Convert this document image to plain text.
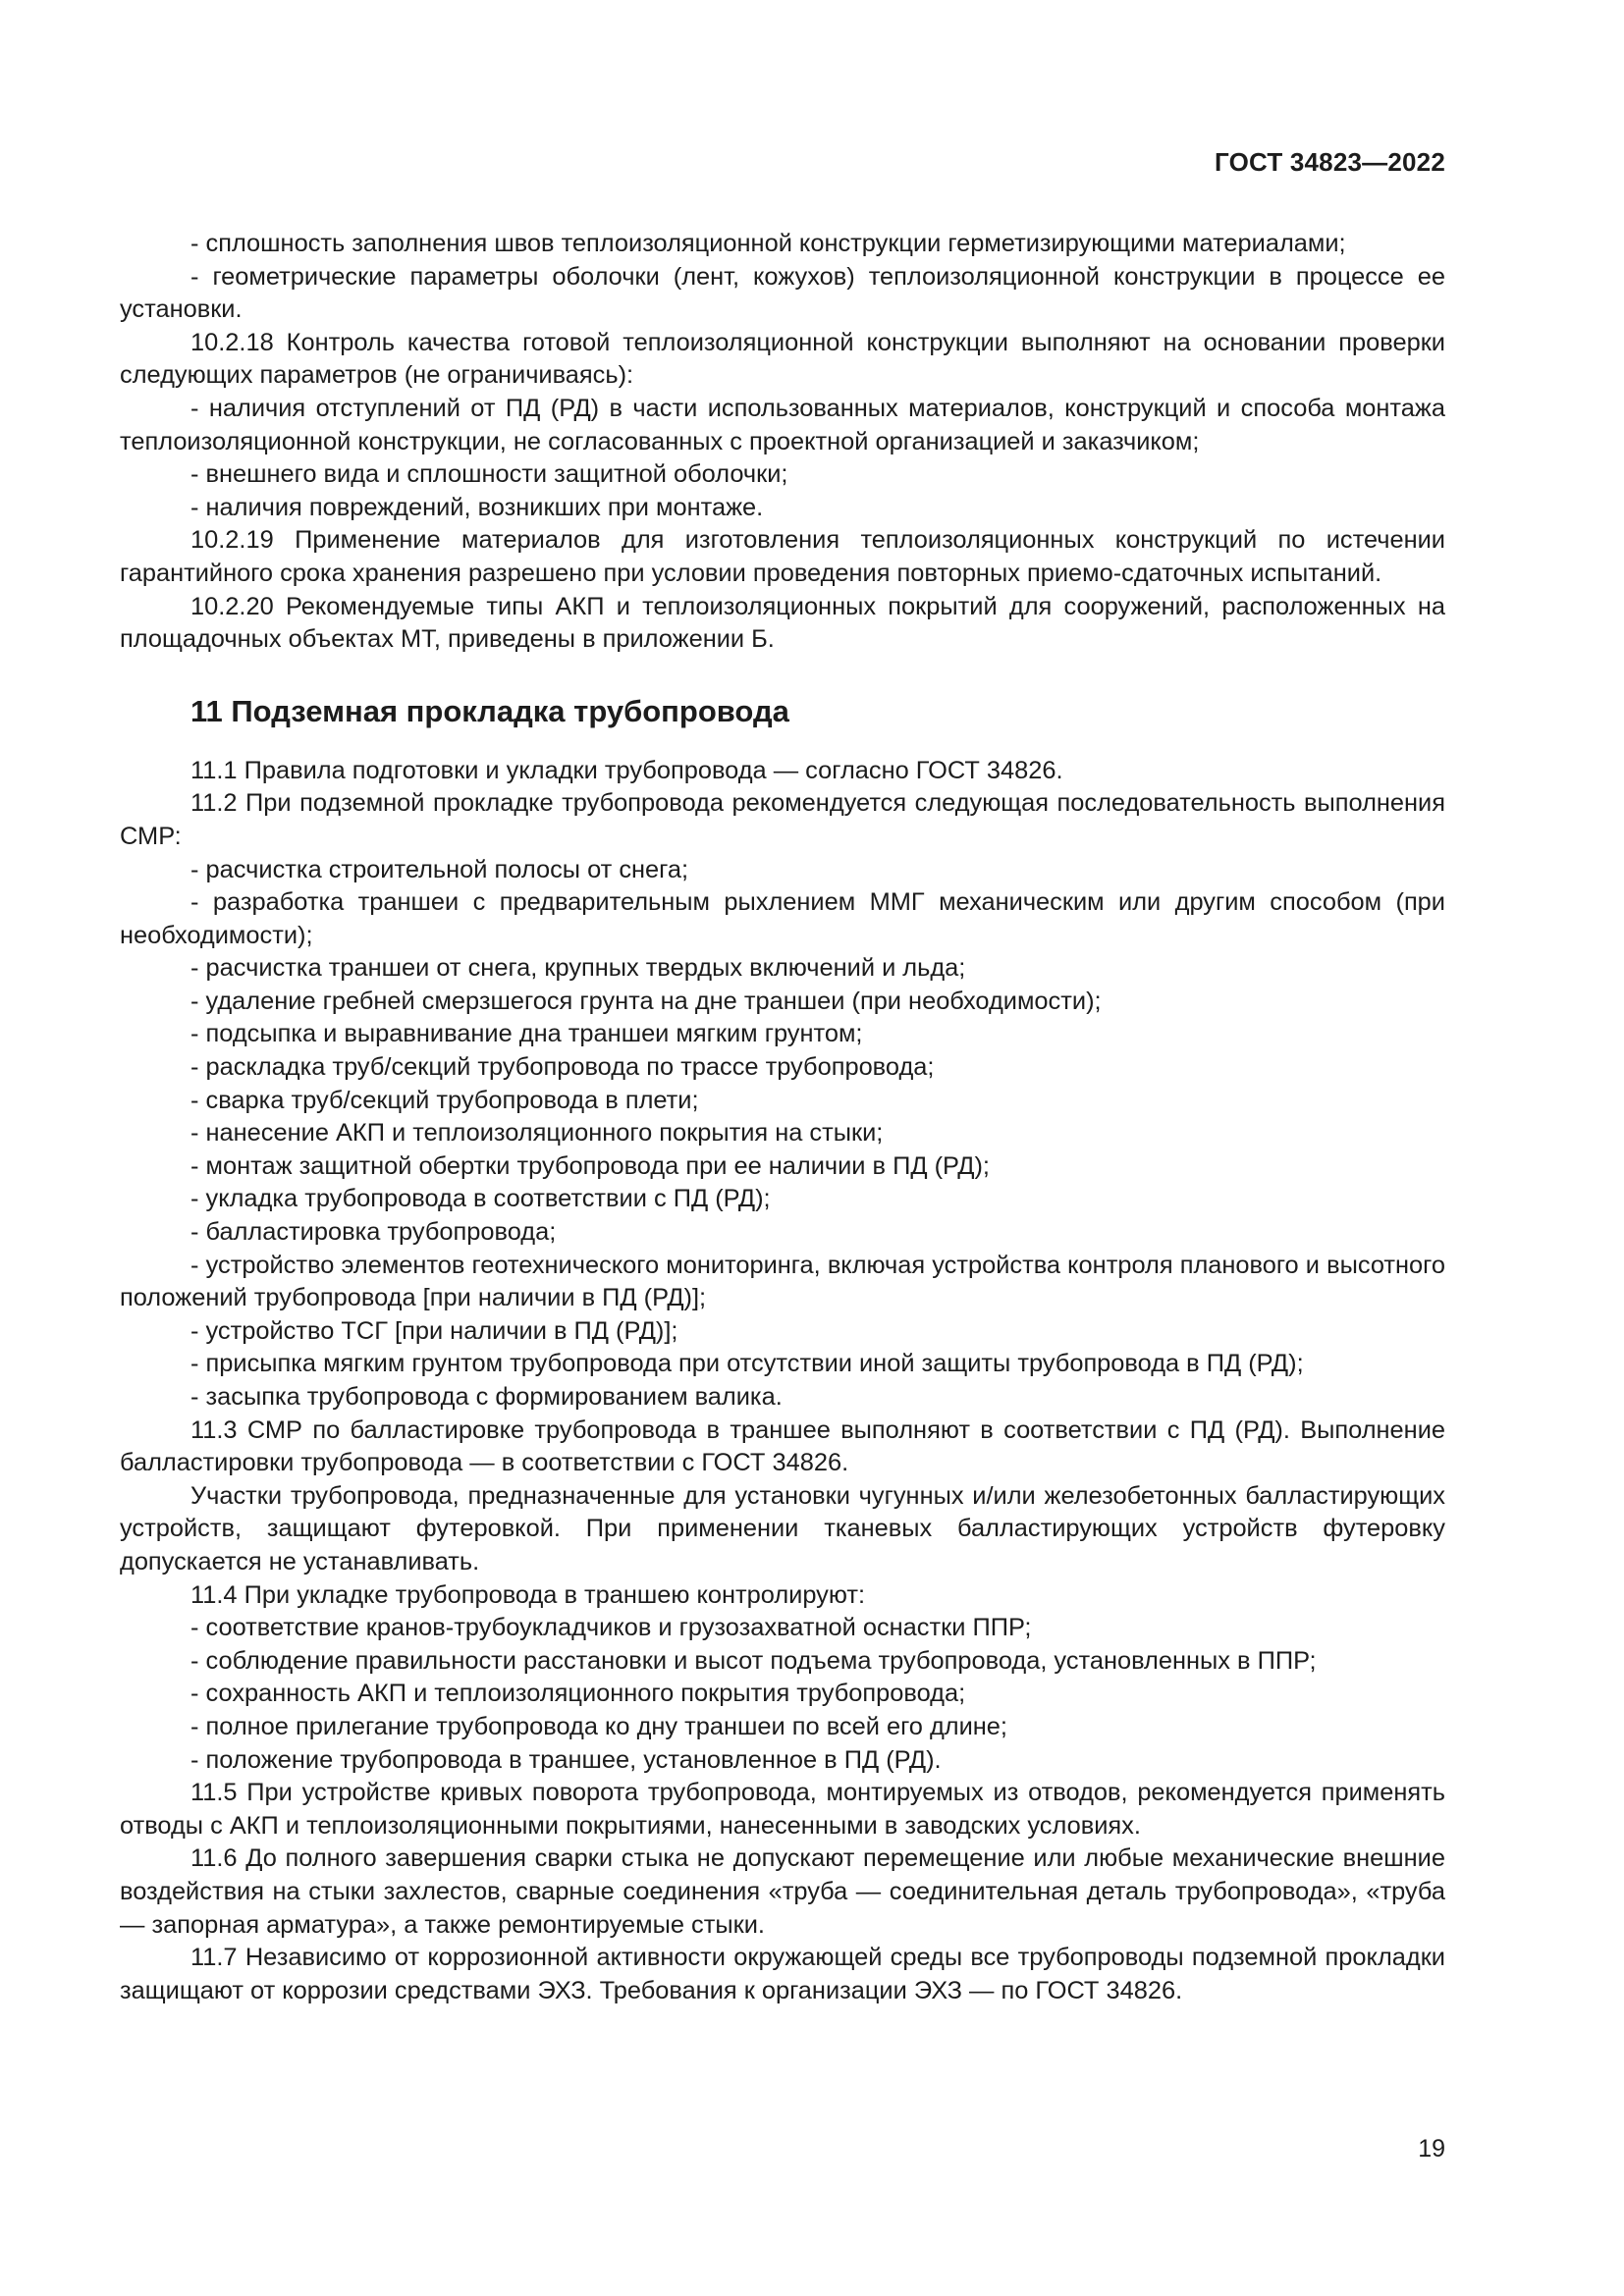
ГОСТ 34823—2022

- сплошность заполнения швов теплоизоляционной конструкции герметизирующими материалами;

- геометрические параметры оболочки (лент, кожухов) теплоизоляционной конструкции в процессе ее установки.

10.2.18 Контроль качества готовой теплоизоляционной конструкции выполняют на основании проверки следующих параметров (не ограничиваясь):

- наличия отступлений от ПД (РД) в части использованных материалов, конструкций и способа монтажа теплоизоляционной конструкции, не согласованных с проектной организацией и заказчиком;

- внешнего вида и сплошности защитной оболочки;

- наличия повреждений, возникших при монтаже.

10.2.19 Применение материалов для изготовления теплоизоляционных конструкций по истечении гарантийного срока хранения разрешено при условии проведения повторных приемо-сдаточных испытаний.

10.2.20 Рекомендуемые типы АКП и теплоизоляционных покрытий для сооружений, расположенных на площадочных объектах МТ, приведены в приложении Б.

11 Подземная прокладка трубопровода

11.1 Правила подготовки и укладки трубопровода — согласно ГОСТ 34826.

11.2 При подземной прокладке трубопровода рекомендуется следующая последовательность выполнения СМР:

- расчистка строительной полосы от снега;

- разработка траншеи с предварительным рыхлением ММГ механическим или другим способом (при необходимости);

- расчистка траншеи от снега, крупных твердых включений и льда;

- удаление гребней смерзшегося грунта на дне траншеи (при необходимости);

- подсыпка и выравнивание дна траншеи мягким грунтом;

- раскладка труб/секций трубопровода по трассе трубопровода;

- сварка труб/секций трубопровода в плети;

- нанесение АКП и теплоизоляционного покрытия на стыки;

- монтаж защитной обертки трубопровода при ее наличии в ПД (РД);

- укладка трубопровода в соответствии с ПД (РД);

- балластировка трубопровода;

- устройство элементов геотехнического мониторинга, включая устройства контроля планового и высотного положений трубопровода [при наличии в ПД (РД)];

- устройство ТСГ [при наличии в ПД (РД)];

- присыпка мягким грунтом трубопровода при отсутствии иной защиты трубопровода в ПД (РД);

- засыпка трубопровода с формированием валика.

11.3 СМР по балластировке трубопровода в траншее выполняют в соответствии с ПД (РД). Выполнение балластировки трубопровода — в соответствии с ГОСТ 34826.

Участки трубопровода, предназначенные для установки чугунных и/или железобетонных балластирующих устройств, защищают футеровкой. При применении тканевых балластирующих устройств футеровку допускается не устанавливать.

11.4 При укладке трубопровода в траншею контролируют:

- соответствие кранов-трубоукладчиков и грузозахватной оснастки ППР;

- соблюдение правильности расстановки и высот подъема трубопровода, установленных в ППР;

- сохранность АКП и теплоизоляционного покрытия трубопровода;

- полное прилегание трубопровода ко дну траншеи по всей его длине;

- положение трубопровода в траншее, установленное в ПД (РД).

11.5 При устройстве кривых поворота трубопровода, монтируемых из отводов, рекомендуется применять отводы с АКП и теплоизоляционными покрытиями, нанесенными в заводских условиях.

11.6 До полного завершения сварки стыка не допускают перемещение или любые механические внешние воздействия на стыки захлестов, сварные соединения «труба — соединительная деталь трубопровода», «труба — запорная арматура», а также ремонтируемые стыки.

11.7 Независимо от коррозионной активности окружающей среды все трубопроводы подземной прокладки защищают от коррозии средствами ЭХЗ. Требования к организации ЭХЗ — по ГОСТ 34826.

19
